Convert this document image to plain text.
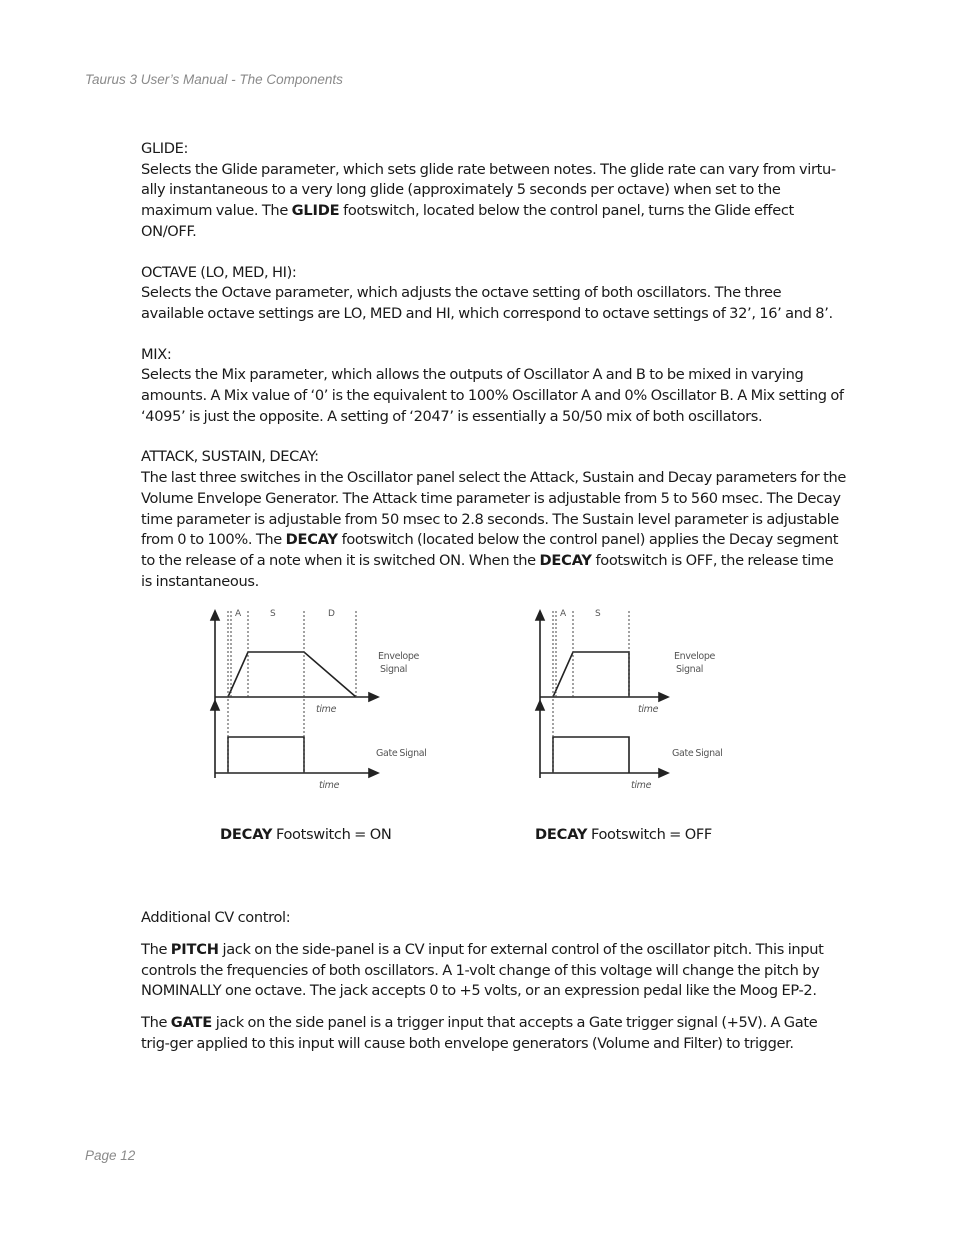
Taurus 3 User’s Manual - The Components

GLIDE:

Selects the Glide parameter, which sets glide rate between notes. The glide rate can vary from virtu-ally instantaneous to a very long glide (approximately 5 seconds per octave) when set to the maximum value. The GLIDE footswitch, located below the control panel, turns the Glide effect ON/OFF.

OCTAVE (LO, MED, HI):

Selects the Octave parameter, which adjusts the octave setting of both oscillators. The three available octave settings are LO, MED and HI, which correspond to octave settings of 32’, 16’ and 8’.

MIX:

Selects the Mix parameter, which allows the outputs of Oscillator A and B to be mixed in varying amounts. A Mix value of ‘0’ is the equivalent to 100% Oscillator A and 0% Oscillator B. A Mix setting of ‘4095’ is just the opposite. A setting of ‘2047’ is essentially a 50/50 mix of both oscillators.

ATTACK, SUSTAIN, DECAY:

The last three switches in the Oscillator panel select the Attack, Sustain and Decay parameters for the Volume Envelope Generator. The Attack time parameter is adjustable from 5 to 560 msec. The Decay time parameter is adjustable from 50 msec to 2.8 seconds. The Sustain level parameter is adjustable from 0 to 100%. The DECAY footswitch (located below the control panel) applies the Decay segment to the release of a note when it is switched ON. When the DECAY footswitch is OFF, the release time is instantaneous.

A	S	D
Envelope
Signal
time
Gate Signal
time
DECAY Footswitch = ON
A	S
Envelope
Signal
time
Gate Signal
time
DECAY Footswitch = OFF

Additional CV control:

The PITCH jack on the side-panel is a CV input for external control of the oscillator pitch. This input controls the frequencies of both oscillators. A 1-volt change of this voltage will change the pitch by NOMINALLY one octave. The jack accepts 0 to +5 volts, or an expression pedal like the Moog EP-2.

The GATE jack on the side panel is a trigger input that accepts a Gate trigger signal (+5V). A Gate trig-ger applied to this input will cause both envelope generators (Volume and Filter) to trigger.

Page 12
